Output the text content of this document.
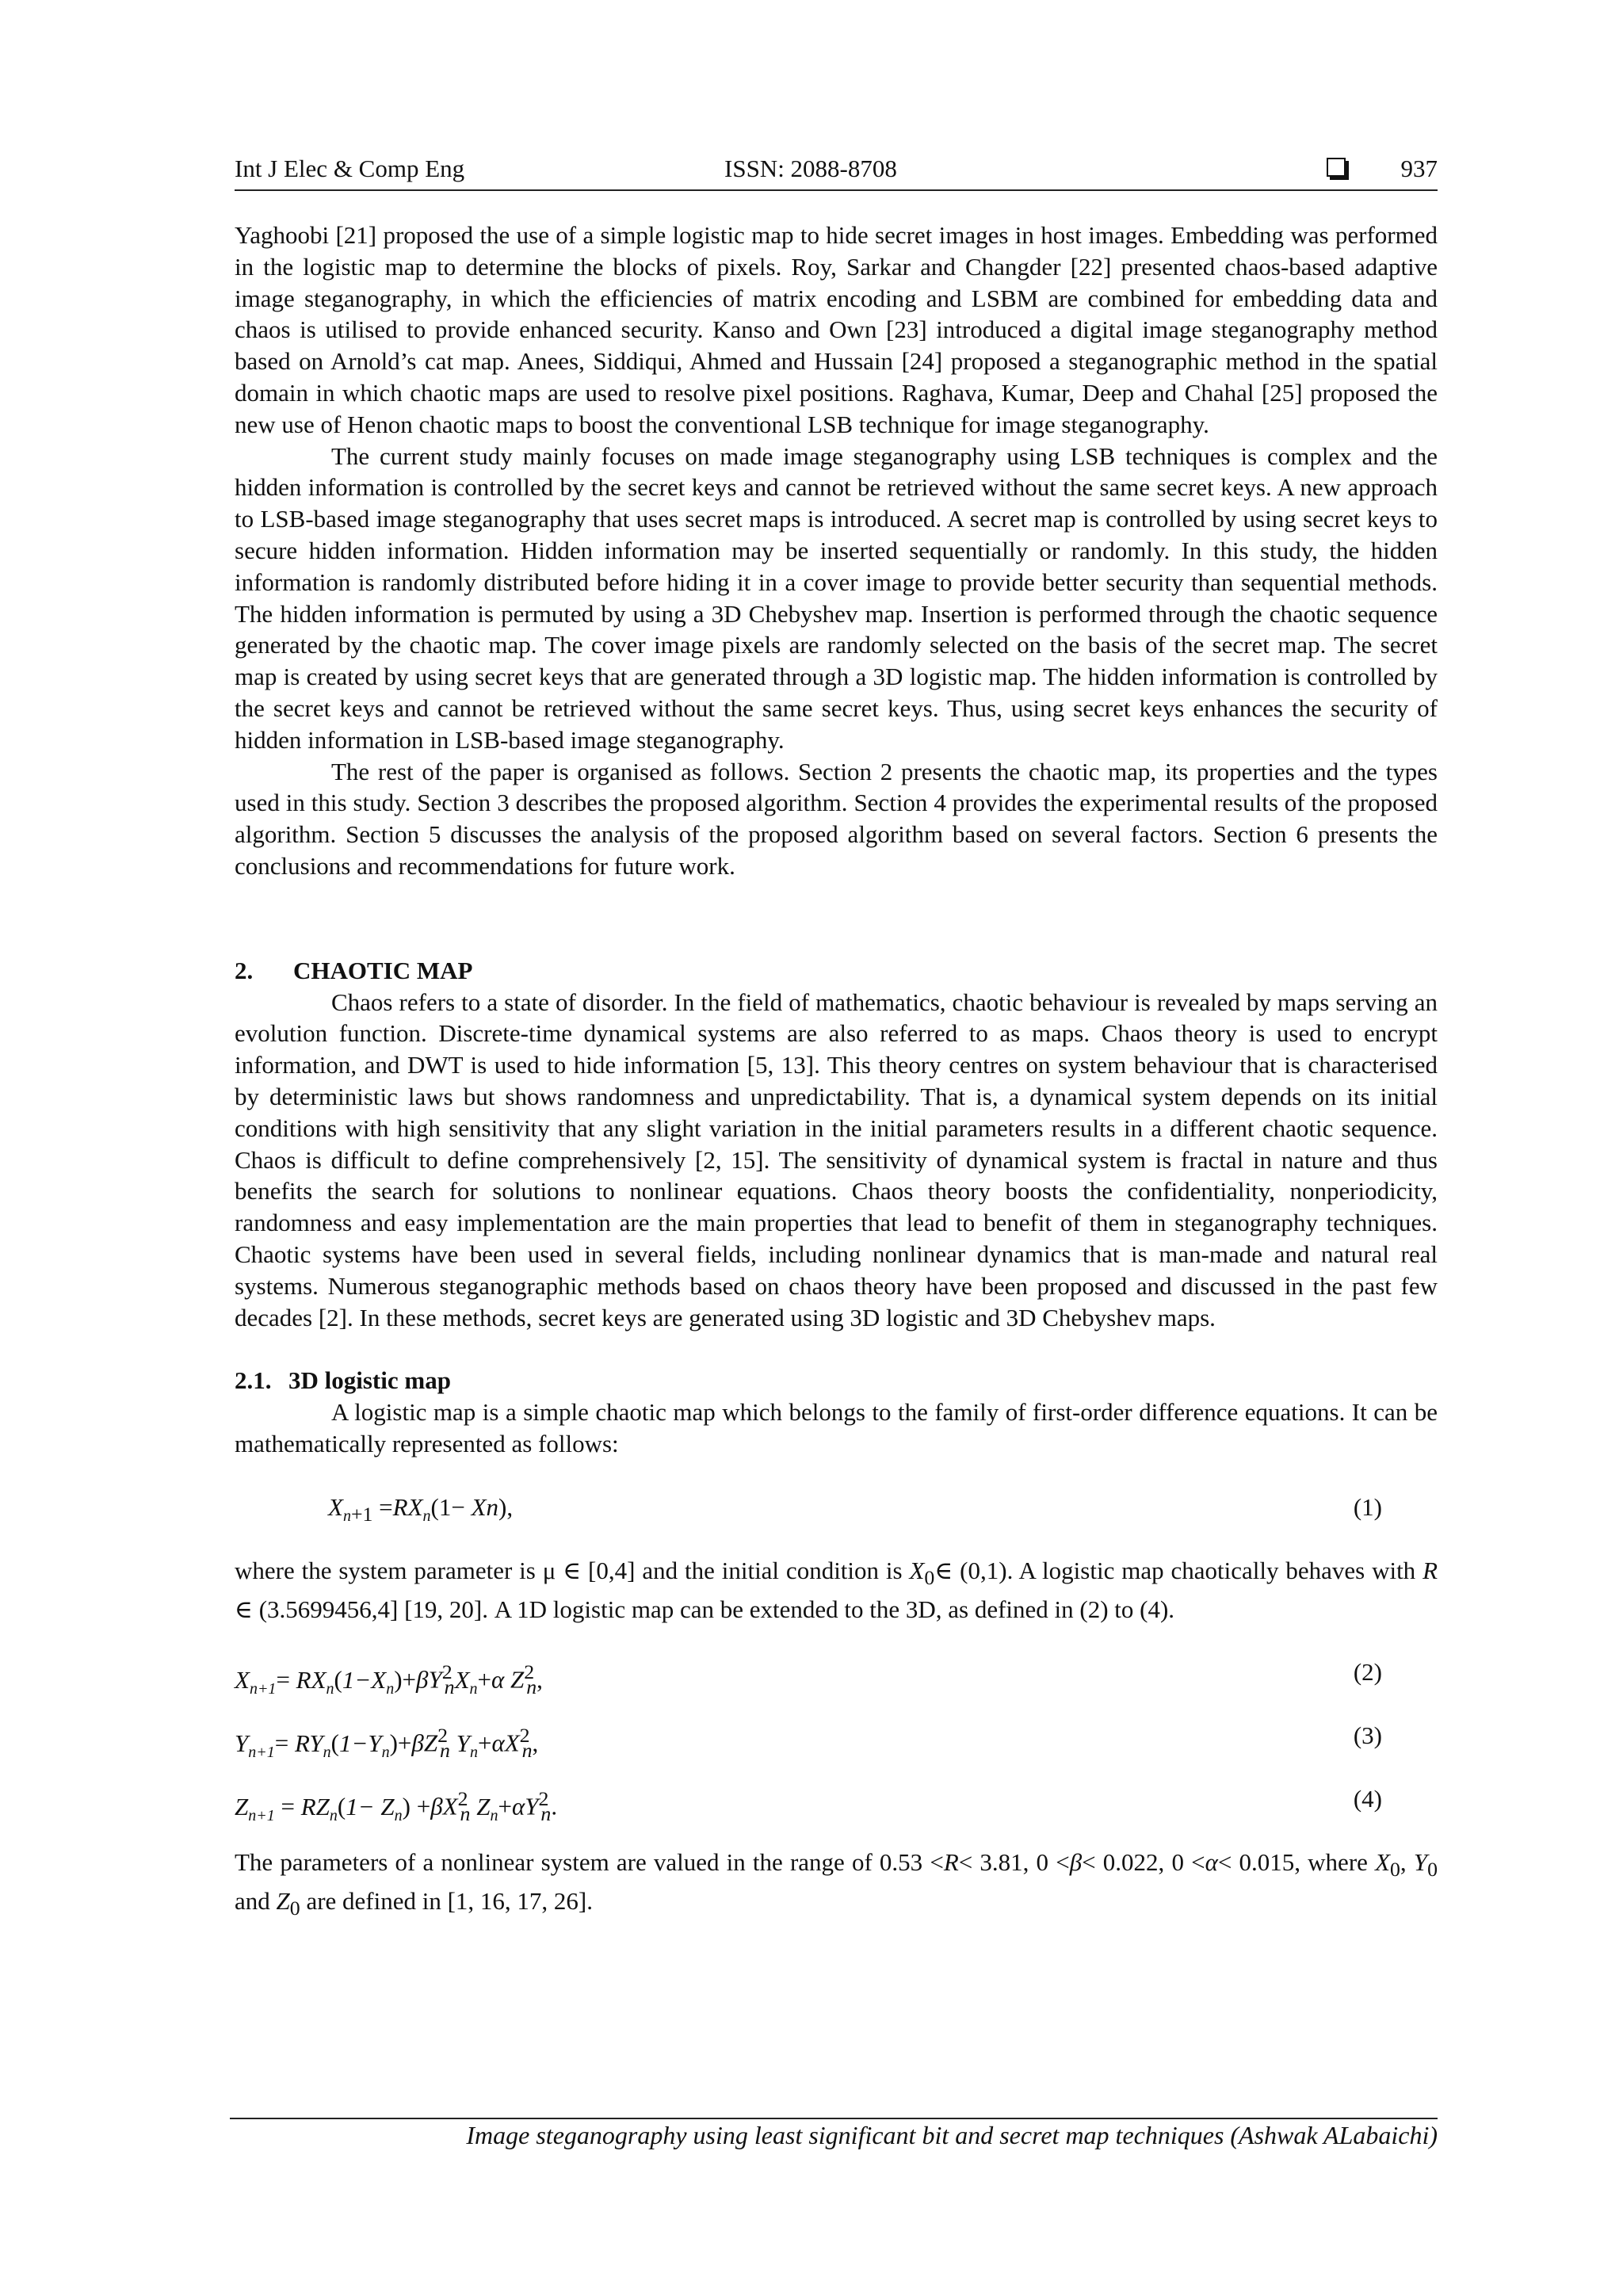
Int J Elec & Comp Eng	ISSN: 2088-8708	937

Yaghoobi [21] proposed the use of a simple logistic map to hide secret images in host images. Embedding was performed in the logistic map to determine the blocks of pixels. Roy, Sarkar and Changder [22] presented chaos-based adaptive image steganography, in which the efficiencies of matrix encoding and LSBM are combined for embedding data and chaos is utilised to provide enhanced security. Kanso and Own [23] introduced a digital image steganography method based on Arnold’s cat map. Anees, Siddiqui, Ahmed and Hussain [24] proposed a steganographic method in the spatial domain in which chaotic maps are used to resolve pixel positions. Raghava, Kumar, Deep and Chahal [25] proposed the new use of Henon chaotic maps to boost the conventional LSB technique for image steganography.

The current study mainly focuses on made image steganography using LSB techniques is complex and the hidden information is controlled by the secret keys and cannot be retrieved without the same secret keys. A new approach to LSB-based image steganography that uses secret maps is introduced. A secret map is controlled by using secret keys to secure hidden information. Hidden information may be inserted sequentially or randomly. In this study, the hidden information is randomly distributed before hiding it in a cover image to provide better security than sequential methods. The hidden information is permuted by using a 3D Chebyshev map. Insertion is performed through the chaotic sequence generated by the chaotic map. The cover image pixels are randomly selected on the basis of the secret map. The secret map is created by using secret keys that are generated through a 3D logistic map. The hidden information is controlled by the secret keys and cannot be retrieved without the same secret keys. Thus, using secret keys enhances the security of hidden information in LSB-based image steganography.

The rest of the paper is organised as follows. Section 2 presents the chaotic map, its properties and the types used in this study. Section 3 describes the proposed algorithm. Section 4 provides the experimental results of the proposed algorithm. Section 5 discusses the analysis of the proposed algorithm based on several factors. Section 6 presents the conclusions and recommendations for future work.

2. CHAOTIC MAP

Chaos refers to a state of disorder. In the field of mathematics, chaotic behaviour is revealed by maps serving an evolution function. Discrete-time dynamical systems are also referred to as maps. Chaos theory is used to encrypt information, and DWT is used to hide information [5, 13]. This theory centres on system behaviour that is characterised by deterministic laws but shows randomness and unpredictability. That is, a dynamical system depends on its initial conditions with high sensitivity that any slight variation in the initial parameters results in a different chaotic sequence. Chaos is difficult to define comprehensively [2, 15]. The sensitivity of dynamical system is fractal in nature and thus benefits the search for solutions to nonlinear equations. Chaos theory boosts the confidentiality, nonperiodicity, randomness and easy implementation are the main properties that lead to benefit of them in steganography techniques. Chaotic systems have been used in several fields, including nonlinear dynamics that is man-made and natural real systems. Numerous steganographic methods based on chaos theory have been proposed and discussed in the past few decades [2]. In these methods, secret keys are generated using 3D logistic and 3D Chebyshev maps.

2.1. 3D logistic map

A logistic map is a simple chaotic map which belongs to the family of first-order difference equations. It can be mathematically represented as follows:

$X_{n+1} =RX_n(1- Xn)$,	(1)

where the system parameter is μ ∈ [0,4] and the initial condition is $X_0\in$ (0,1). A logistic map chaotically behaves with R ∈ (3.5699456,4] [19, 20]. A 1D logistic map can be extended to the 3D, as defined in (2) to (4).

$X_{n+1}= RX_n(1-X_n)+\beta Y^2_nX_n+\alpha$ $Z^2_n$,	(2)
$Y_{n+1}= RY_n(1-Y_n)+\beta Z^2_n$ $Y_n+\alpha X^2_n$,	(3)
$Z_{n+1} = RZ_n(1- Z_n) +\beta X^2_n$ $Z_n+\alpha Y^2_n$.	(4)

The parameters of a nonlinear system are valued in the range of 0.53 <R< 3.81, 0 <β< 0.022, 0 <α< 0.015, where $X_0$, $Y_0$ and $Z_0$ are defined in [1, 16, 17, 26].

Image steganography using least significant bit and secret map techniques (Ashwak ALabaichi)
